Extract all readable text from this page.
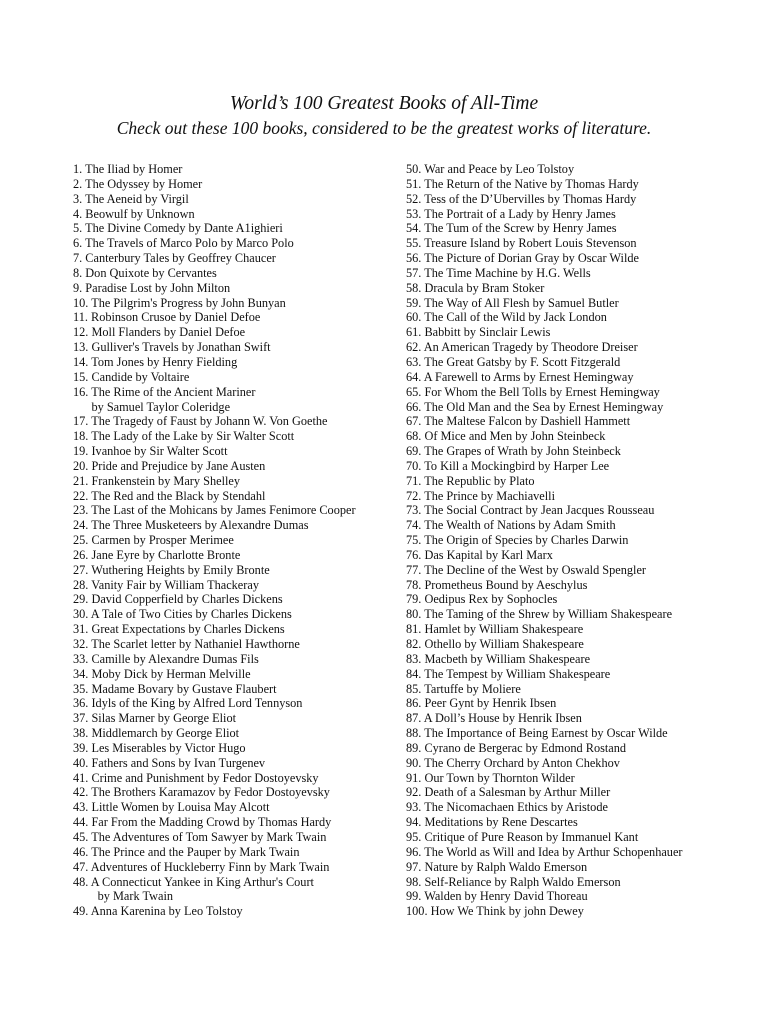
World’s 100 Greatest Books of All-Time
Check out these 100 books, considered to be the greatest works of literature.
1. The Iliad by Homer
2. The Odyssey by Homer
3. The Aeneid by Virgil
4. Beowulf by Unknown
5. The Divine Comedy by Dante A1ighieri
6. The Travels of Marco Polo by Marco Polo
7. Canterbury Tales by Geoffrey Chaucer
8. Don Quixote by Cervantes
9. Paradise Lost by John Milton
10. The Pilgrim's Progress by John Bunyan
11. Robinson Crusoe by Daniel Defoe
12. Moll Flanders by Daniel Defoe
13. Gulliver's Travels by Jonathan Swift
14. Tom Jones by Henry Fielding
15. Candide by Voltaire
16. The Rime of the Ancient Mariner
by Samuel Taylor Coleridge
17. The Tragedy of Faust by Johann W. Von Goethe
18. The Lady of the Lake by Sir Walter Scott
19. Ivanhoe by Sir Walter Scott
20. Pride and Prejudice by Jane Austen
21. Frankenstein by Mary Shelley
22. The Red and the Black by Stendahl
23. The Last of the Mohicans by James Fenimore Cooper
24. The Three Musketeers by Alexandre Dumas
25. Carmen by Prosper Merimee
26. Jane Eyre by Charlotte Bronte
27. Wuthering Heights by Emily Bronte
28. Vanity Fair by William Thackeray
29. David Copperfield by Charles Dickens
30. A Tale of Two Cities by Charles Dickens
31. Great Expectations by Charles Dickens
32. The Scarlet letter by Nathaniel Hawthorne
33. Camille by Alexandre Dumas Fils
34. Moby Dick by Herman Melville
35. Madame Bovary by Gustave Flaubert
36. Idyls of the King by Alfred Lord Tennyson
37. Silas Marner by George Eliot
38. Middlemarch by George Eliot
39. Les Miserables by Victor Hugo
40. Fathers and Sons by Ivan Turgenev
41. Crime and Punishment by Fedor Dostoyevsky
42. The Brothers Karamazov by Fedor Dostoyevsky
43. Little Women by Louisa May Alcott
44. Far From the Madding Crowd by Thomas Hardy
45. The Adventures of Tom Sawyer by Mark Twain
46. The Prince and the Pauper by Mark Twain
47. Adventures of Huckleberry Finn by Mark Twain
48. A Connecticut Yankee in King Arthur's Court
by Mark Twain
49. Anna Karenina by Leo Tolstoy
50. War and Peace by Leo Tolstoy
51. The Return of the Native by Thomas Hardy
52. Tess of the D’Ubervilles by Thomas Hardy
53. The Portrait of a Lady by Henry James
54. The Tum of the Screw by Henry James
55. Treasure Island by Robert Louis Stevenson
56. The Picture of Dorian Gray by Oscar Wilde
57. The Time Machine by H.G. Wells
58. Dracula by Bram Stoker
59. The Way of All Flesh by Samuel Butler
60. The Call of the Wild by Jack London
61. Babbitt by Sinclair Lewis
62. An American Tragedy by Theodore Dreiser
63. The Great Gatsby by F. Scott Fitzgerald
64. A Farewell to Arms by Ernest Hemingway
65. For Whom the Bell Tolls by Ernest Hemingway
66. The Old Man and the Sea by Ernest Hemingway
67. The Maltese Falcon by Dashiell Hammett
68. Of Mice and Men by John Steinbeck
69. The Grapes of Wrath by John Steinbeck
70. To Kill a Mockingbird by Harper Lee
71. The Republic by Plato
72. The Prince by Machiavelli
73. The Social Contract by Jean Jacques Rousseau
74. The Wealth of Nations by Adam Smith
75. The Origin of Species by Charles Darwin
76. Das Kapital by Karl Marx
77. The Decline of the West by Oswald Spengler
78. Prometheus Bound by Aeschylus
79. Oedipus Rex by Sophocles
80. The Taming of the Shrew by William Shakespeare
81. Hamlet by William Shakespeare
82. Othello by William Shakespeare
83. Macbeth by William Shakespeare
84. The Tempest by William Shakespeare
85. Tartuffe by Moliere
86. Peer Gynt by Henrik Ibsen
87. A Doll’s House by Henrik Ibsen
88. The Importance of Being Earnest by Oscar Wilde
89. Cyrano de Bergerac by Edmond Rostand
90. The Cherry Orchard by Anton Chekhov
91. Our Town by Thornton Wilder
92. Death of a Salesman by Arthur Miller
93. The Nicomachaen Ethics by Aristode
94. Meditations by Rene Descartes
95. Critique of Pure Reason by Immanuel Kant
96. The World as Will and Idea by Arthur Schopenhauer
97. Nature by Ralph Waldo Emerson
98. Self-Reliance by Ralph Waldo Emerson
99. Walden by Henry David Thoreau
100. How We Think by john Dewey
